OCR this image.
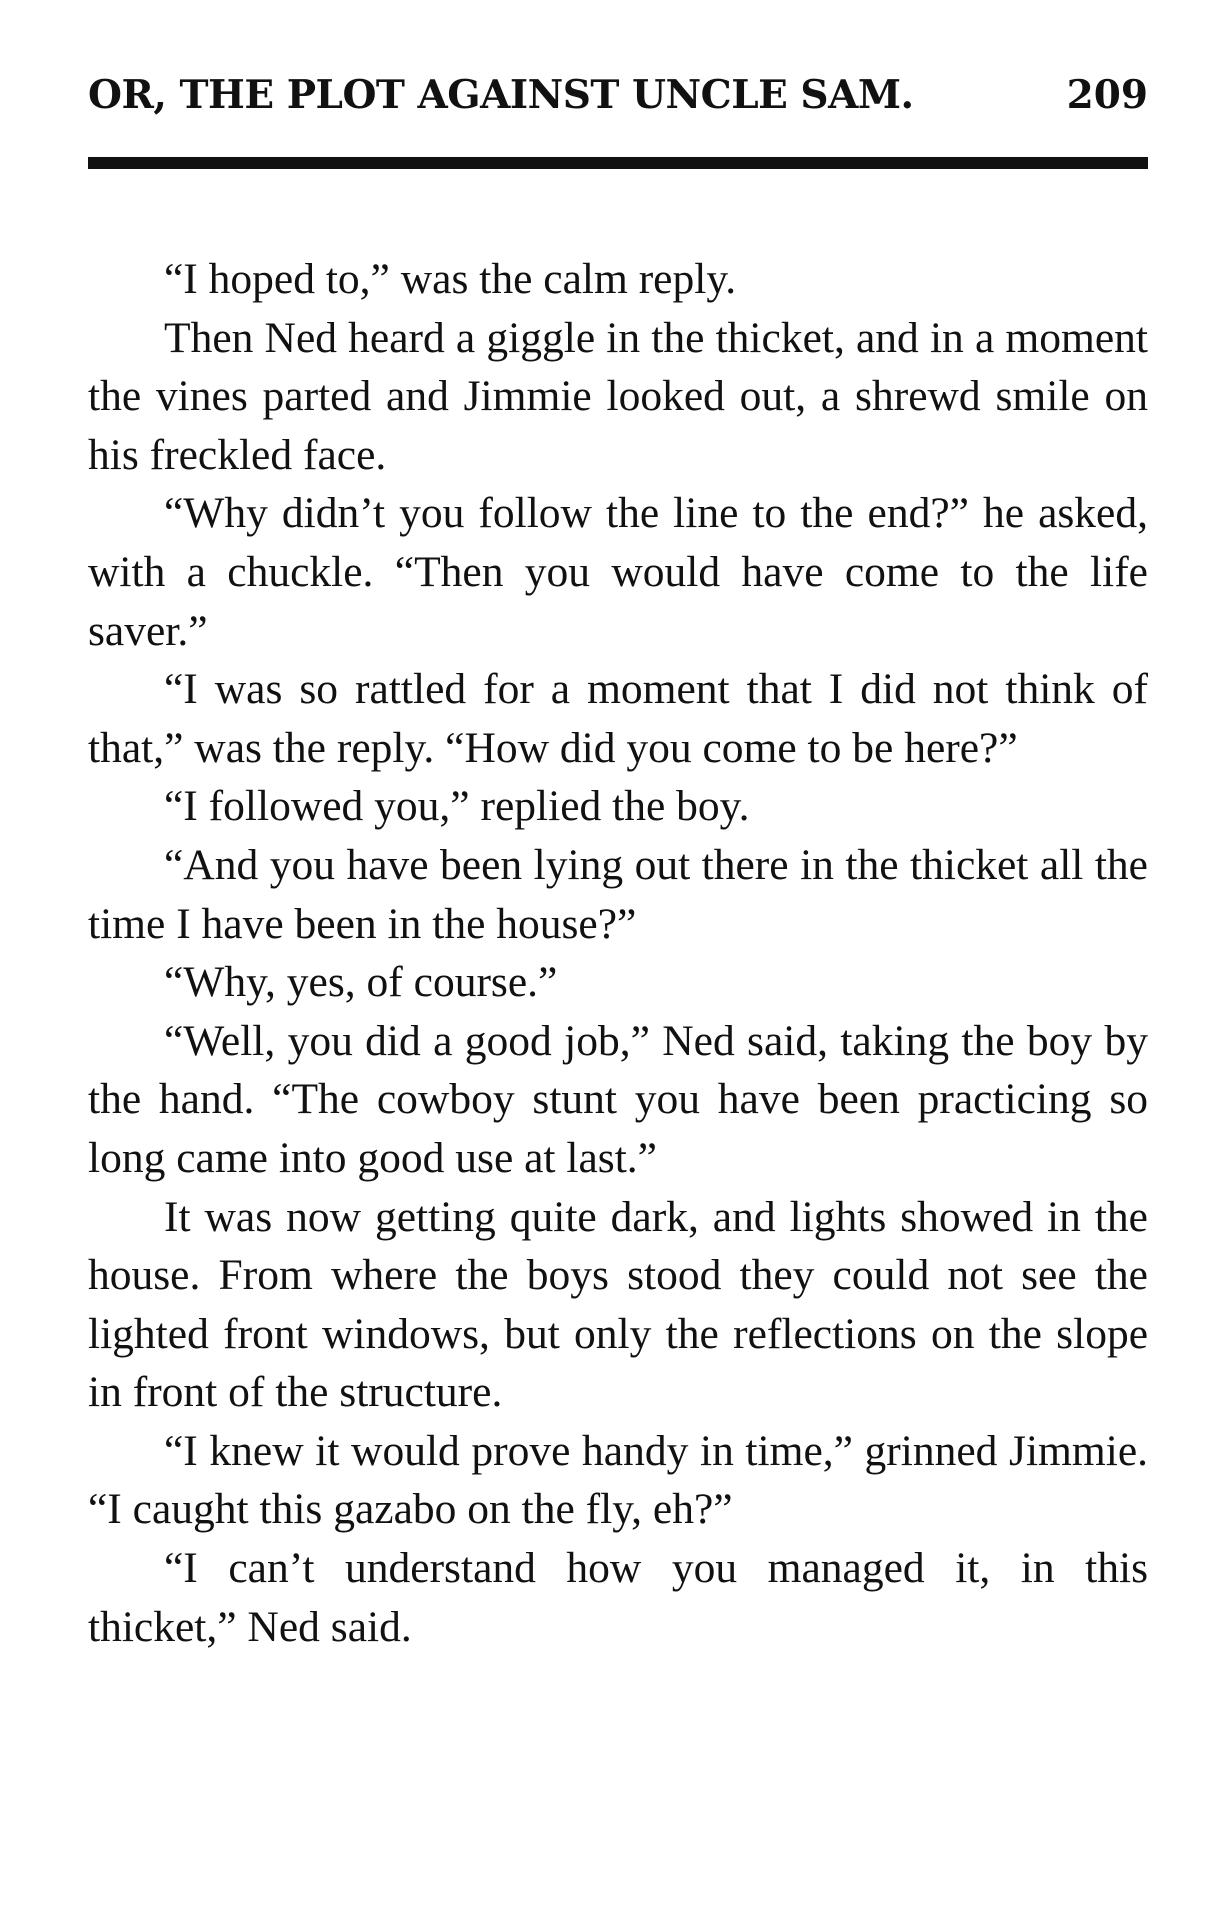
OR, THE PLOT AGAINST UNCLE SAM.	209

“I hoped to,” was the calm reply.

Then Ned heard a giggle in the thicket, and in a moment the vines parted and Jimmie looked out, a shrewd smile on his freckled face.

“Why didn’t you follow the line to the end?” he asked, with a chuckle. “Then you would have come to the life saver.”

“I was so rattled for a moment that I did not think of that,” was the reply. “How did you come to be here?”

“I followed you,” replied the boy.

“And you have been lying out there in the thicket all the time I have been in the house?”

“Why, yes, of course.”

“Well, you did a good job,” Ned said, taking the boy by the hand. “The cowboy stunt you have been practicing so long came into good use at last.”

It was now getting quite dark, and lights showed in the house. From where the boys stood they could not see the lighted front windows, but only the reflections on the slope in front of the structure.

“I knew it would prove handy in time,” grinned Jimmie. “I caught this gazabo on the fly, eh?”

“I can’t understand how you managed it, in this thicket,” Ned said.
